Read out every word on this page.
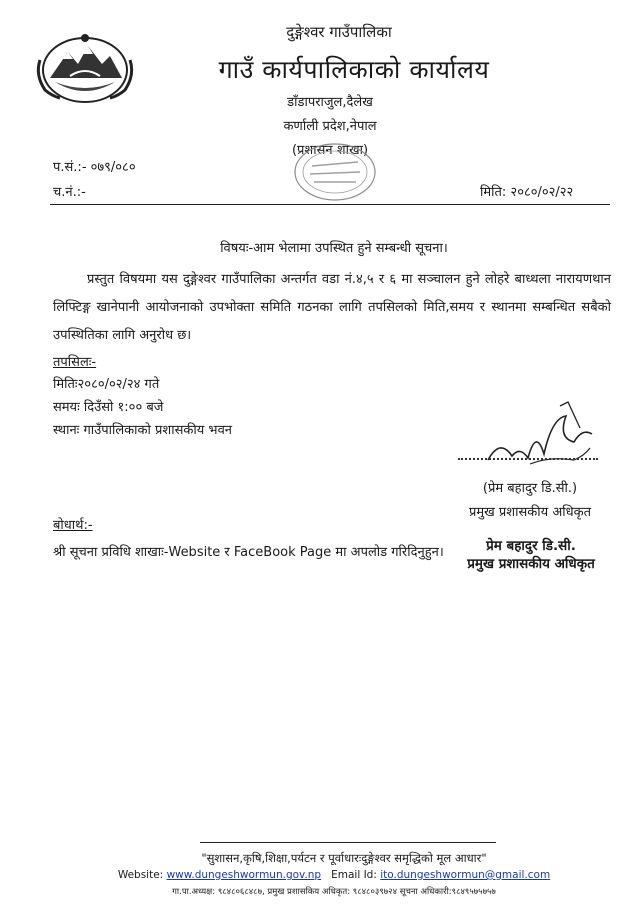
दुङ्गेश्वर गाउँपालिका
गाउँ कार्यपालिकाको कार्यालय
डाँडापराजुल,दैलेख
कर्णाली प्रदेश,नेपाल
(प्रशासन शाखा)
प.सं.:- ०७९/०८०
च.नं.:-	मिति: २०८०/०२/२२
विषयः-आम भेलामा उपस्थित हुने सम्बन्धी सूचना।
प्रस्तुत विषयमा यस दुङ्गेश्वर गाउँपालिका अन्तर्गत वडा नं.४,५ र ६ मा सञ्चालन हुने लोहरे बाध्थला नारायणथान लिफ्टिङ्ग खानेपानी आयोजनाको उपभोक्ता समिति गठनका लागि तपसिलको मिति,समय र स्थानमा सम्बन्धित सबैको उपस्थितिका लागि अनुरोध छ।
तपसिलः-
मितिः२०८०/०२/२४ गते
समयः दिउँसो १:०० बजे
स्थानः गाउँपालिकाको प्रशासकीय भवन
(प्रेम बहादुर डि.सी.)
प्रमुख प्रशासकीय अधिकृत
बोधार्थ:-
श्री सूचना प्रविधि शाखाः-Website र FaceBook Page मा अपलोड गरिदिनुहुन।	प्रेम बहादुर डि.सी.
प्रमुख प्रशासकीय अधिकृत
"सुशासन,कृषि,शिक्षा,पर्यटन र पूर्वाधारःदुङ्गेश्वर समृद्धिको मूल आधार"
Website: www.dungeshwormun.gov.np Email Id: ito.dungeshwormun@gmail.com
गा.पा.अध्यक्ष: ९८४८०६८४८७, प्रमुख प्रशासकिय अधिकृत: ९८४८०३९७२४ सूचना अधिकारी:९८४९५७५७५७
